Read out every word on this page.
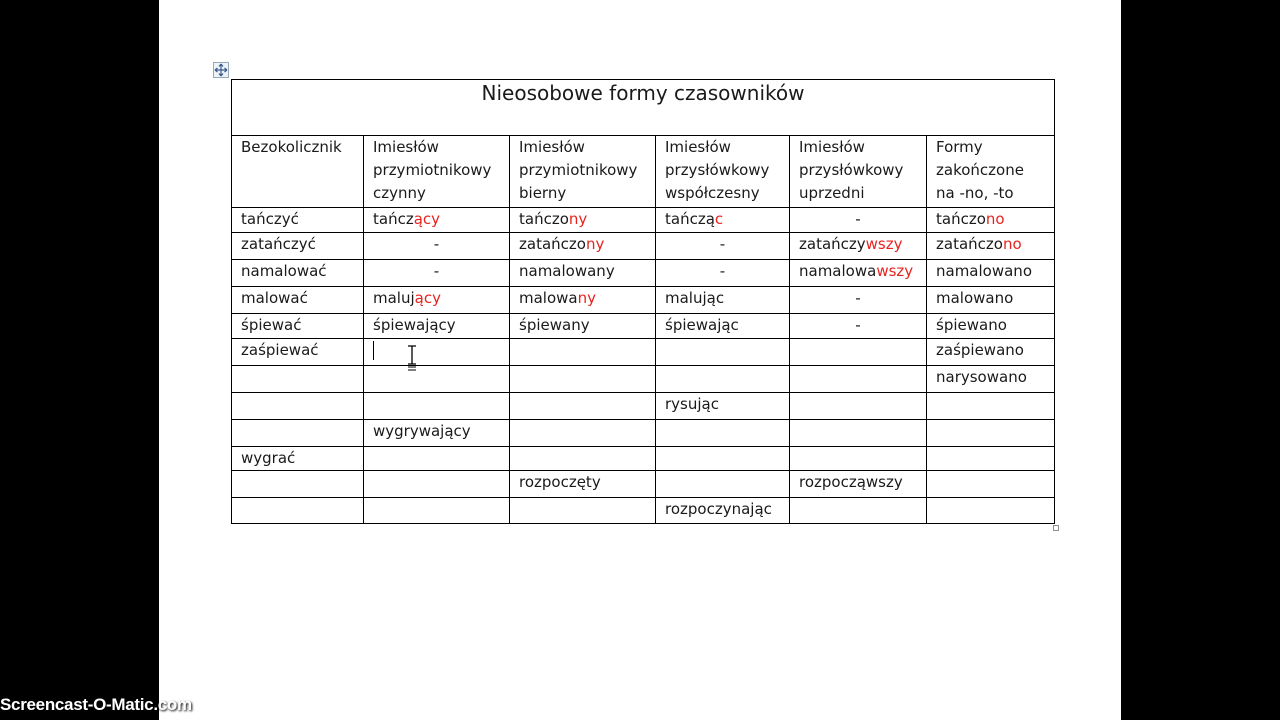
Nieosobowe formy czasowników					

Bezokolicznik	Imiesłów
przymiotnikowy
czynny	Imiesłów
przymiotnikowy
bierny	Imiesłów
przysłówkowy
współczesny	Imiesłów
przysłówkowy
uprzedni	Formy
zakończone
na -no, -to

tańczyć	tańczący	tańczony	tańcząc	-	tańczono
zatańczyć	-	zatańczony	-	zatańczywszy	zatańczono
namalować	-	namalowany	-	namalowawszy	namalowano
malować	malujący	malowany	malując	-	malowano
śpiewać	śpiewający	śpiewany	śpiewając	-	śpiewano
zaśpiewać					zaśpiewano
					narysowano
			rysując		
	wygrywający				
wygrać					
		rozpoczęty		rozpocząwszy	
			rozpoczynając		
Screencast-O-Matic.com
